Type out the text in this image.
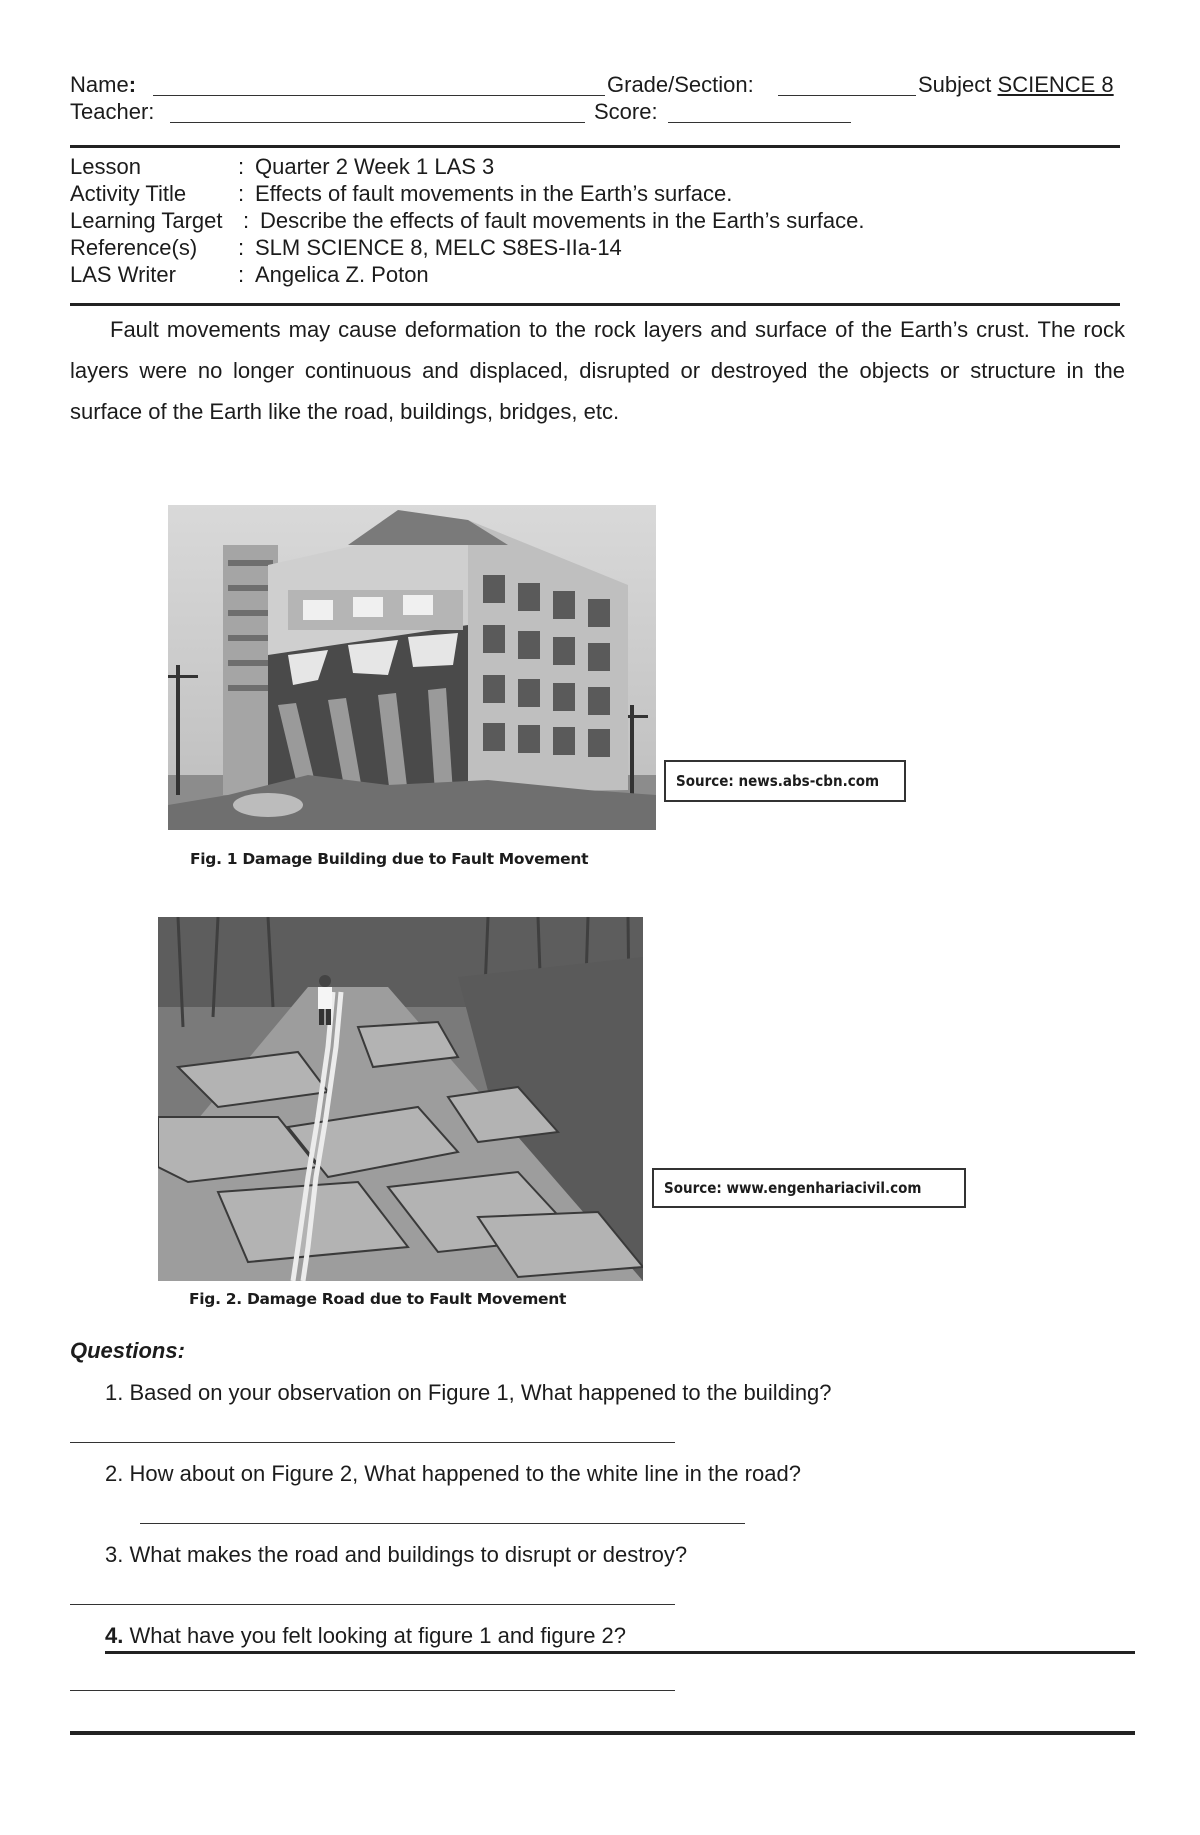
Name:	Grade/Section:	Subject SCIENCE 8
Teacher:	Score:
Lesson	: Quarter 2 Week 1 LAS 3
Activity Title : Effects of fault movements in the Earth’s surface.
Learning Target : Describe the effects of fault movements in the Earth’s surface.
Reference(s) : SLM SCIENCE 8, MELC S8ES-IIa-14
LAS Writer	: Angelica Z. Poton
Fault movements may cause deformation to the rock layers and surface of the Earth’s crust. The rock layers were no longer continuous and displaced, disrupted or destroyed the objects or structure in the surface of the Earth like the road, buildings, bridges, etc.
Source: news.abs-cbn.com
Fig. 1 Damage Building due to Fault Movement
Source: www.engenhariacivil.com
Fig. 2. Damage Road due to Fault Movement
Questions:
1. Based on your observation on Figure 1, What happened to the building?
2. How about on Figure 2, What happened to the white line in the road?
3. What makes the road and buildings to disrupt or destroy?
4. What have you felt looking at figure 1 and figure 2?
